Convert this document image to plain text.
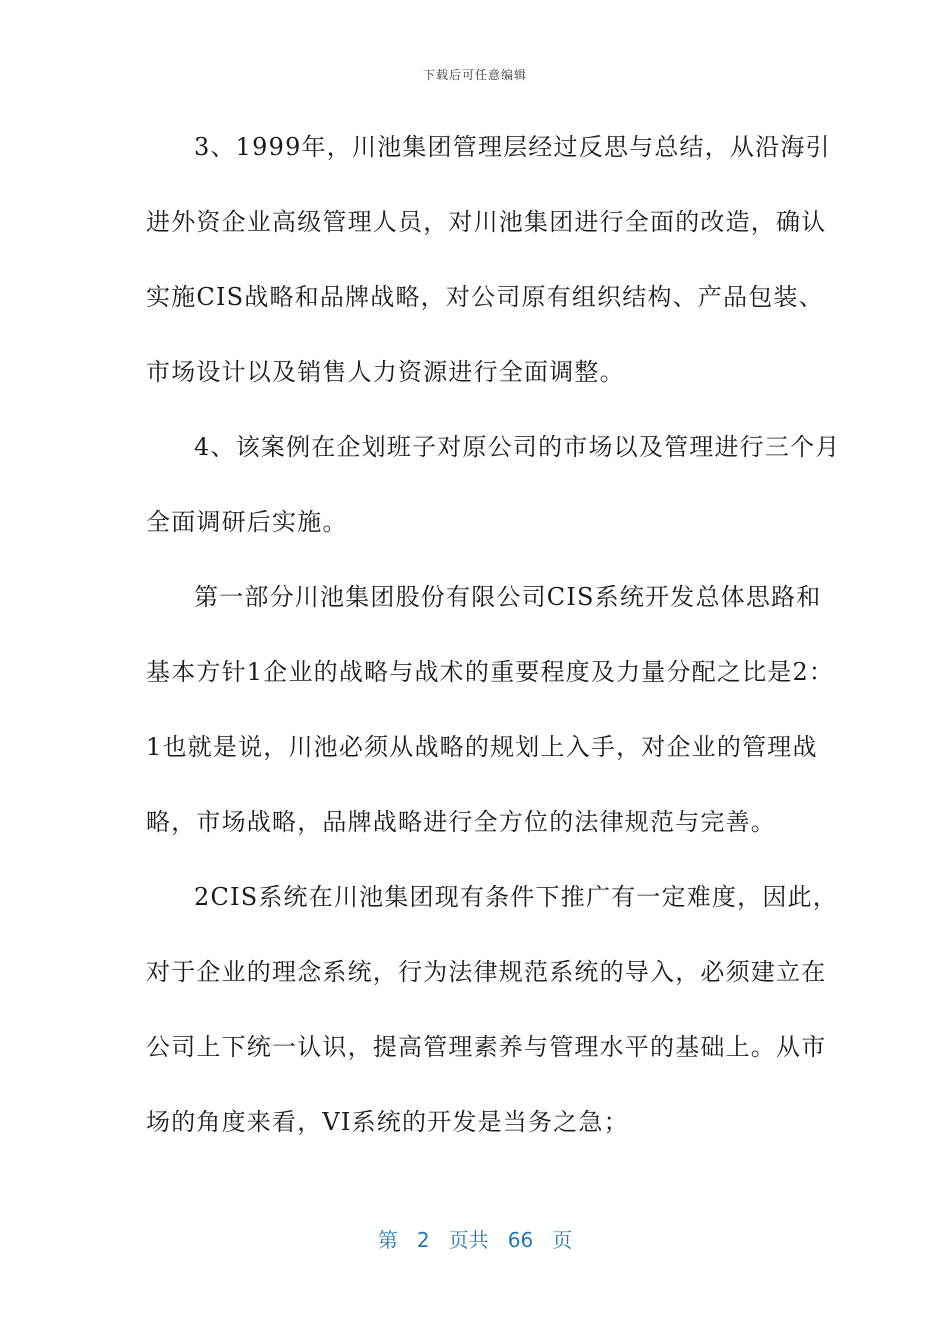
下载后可任意编辑
3、1999年，川池集团管理层经过反思与总结，从沿海引
进外资企业高级管理人员，对川池集团进行全面的改造，确认
实施CIS战略和品牌战略，对公司原有组织结构、产品包装、
市场设计以及销售人力资源进行全面调整。
4、该案例在企划班子对原公司的市场以及管理进行三个月
全面调研后实施。
第一部分川池集团股份有限公司CIS系统开发总体思路和
基本方针1企业的战略与战术的重要程度及力量分配之比是2：
1也就是说，川池必须从战略的规划上入手，对企业的管理战
略，市场战略，品牌战略进行全方位的法律规范与完善。
2CIS系统在川池集团现有条件下推广有一定难度，因此，
对于企业的理念系统，行为法律规范系统的导入，必须建立在
公司上下统一认识，提高管理素养与管理水平的基础上。从市
场的角度来看，VI系统的开发是当务之急；
第 2 页共 66 页
